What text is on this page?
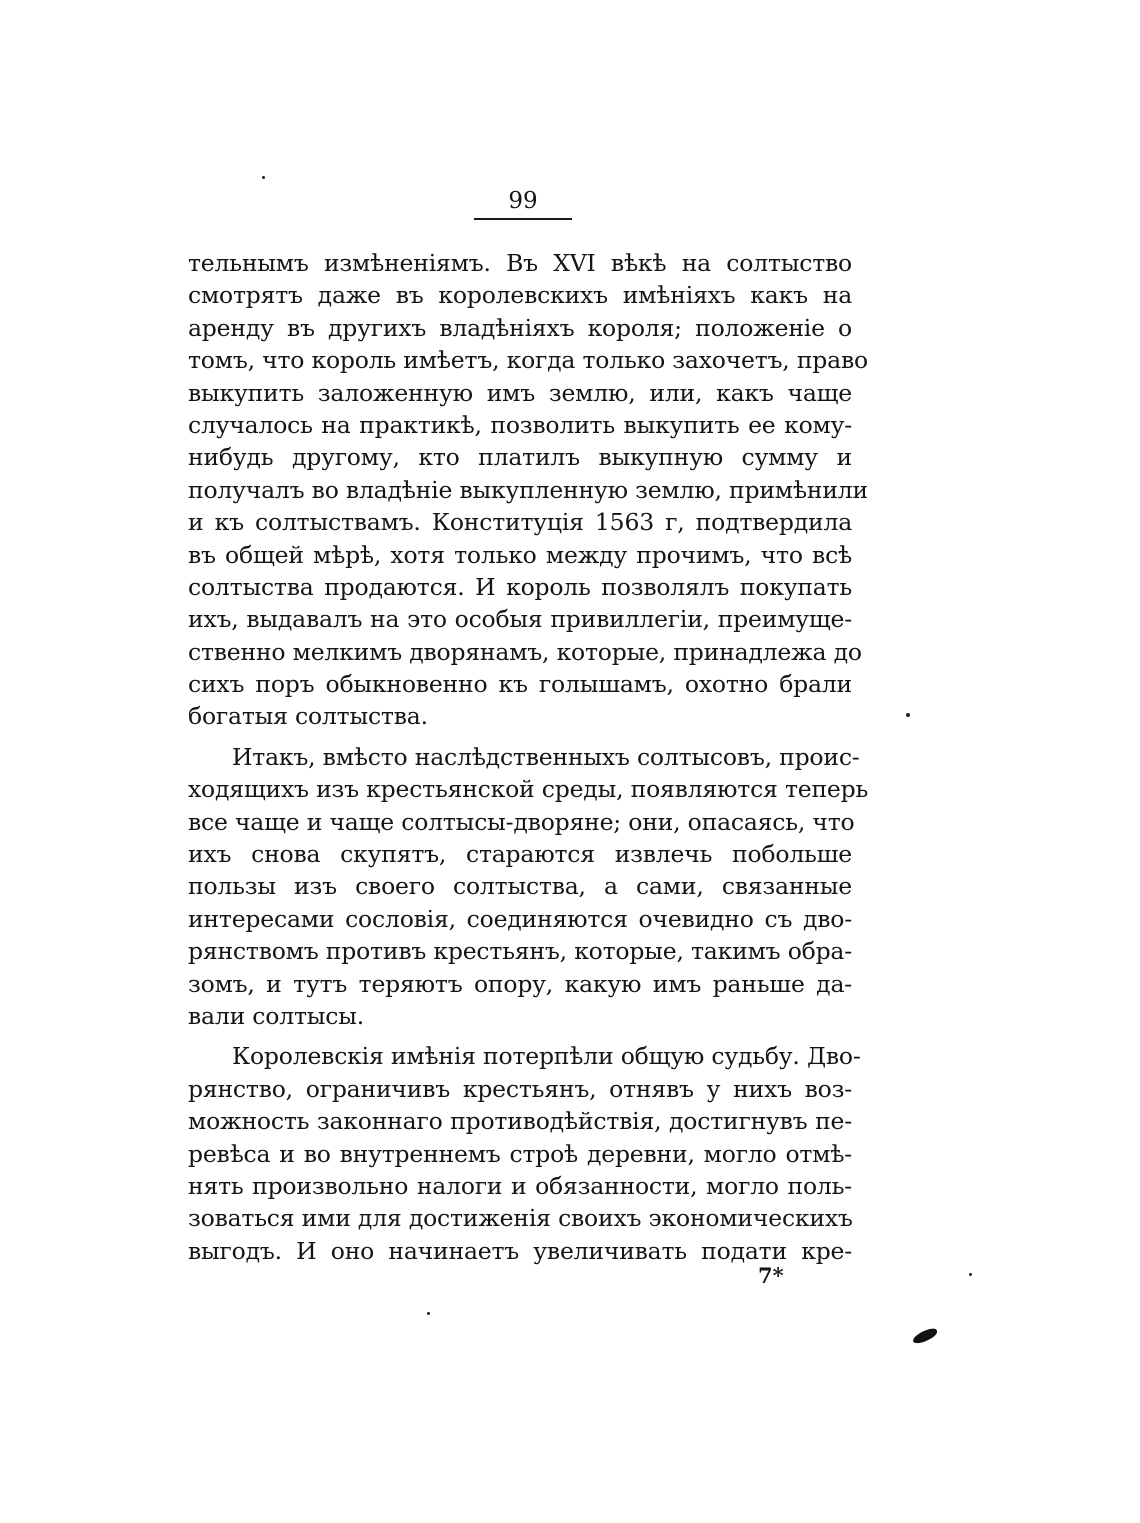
99
тельнымъ измѣненiямъ. Въ XVI вѣкѣ на солтыство
смотрятъ даже въ королевскихъ имѣнiяхъ какъ на
аренду въ другихъ владѣнiяхъ короля; положенiе о
томъ, что король имѣетъ, когда только захочетъ, право
выкупить заложенную имъ землю, или, какъ чаще
случалось на практикѣ, позволить выкупить ее кому-
нибудь другому, кто платилъ выкупную сумму и
получалъ во владѣнiе выкупленную землю, примѣнили
и къ солтыствамъ. Конституцiя 1563 г, подтвердила
въ общей мѣрѣ, хотя только между прочимъ, что всѣ
солтыства продаются. И король позволялъ покупать
ихъ, выдавалъ на это особыя привиллегiи, преимуще-
ственно мелкимъ дворянамъ, которые, принадлежа до
сихъ поръ обыкновенно къ голышамъ, охотно брали
богатыя солтыства.
Итакъ, вмѣсто наслѣдственныхъ солтысовъ, проис-
ходящихъ изъ крестьянской среды, появляются теперь
все чаще и чаще солтысы-дворяне; они, опасаясь, что
ихъ снова скупятъ, стараются извлечь побольше
пользы изъ своего солтыства, а сами, связанные
интересами сословiя, соединяются очевидно съ дво-
рянствомъ противъ крестьянъ, которые, такимъ обра-
зомъ, и тутъ теряютъ опору, какую имъ раньше да-
вали солтысы.
Королевскiя имѣнiя потерпѣли общую судьбу. Дво-
рянство, ограничивъ крестьянъ, отнявъ у нихъ воз-
можность законнаго противодѣйствiя, достигнувъ пе-
ревѣса и во внутреннемъ строѣ деревни, могло отмѣ-
нять произвольно налоги и обязанности, могло поль-
зоваться ими для достиженiя своихъ экономическихъ
выгодъ. И оно начинаетъ увеличивать подати кре-
7*
